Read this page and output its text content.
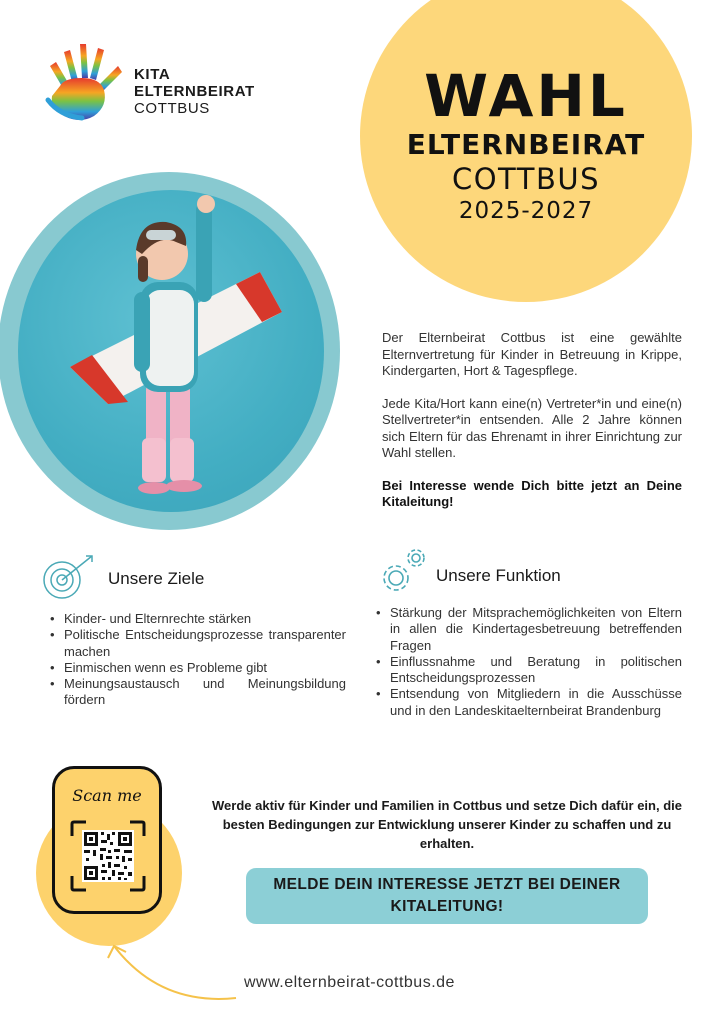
KITA
ELTERNBEIRAT
COTTBUS	WAHL
ELTERNBEIRAT
COTTBUS
2025-2027

Der Elternbeirat Cottbus ist eine gewählte Elternvertretung für Kinder in Betreuung in Krippe, Kindergarten, Hort & Tagespflege.

Jede Kita/Hort kann eine(n) Vertreter*in und eine(n) Stellvertreter*in entsenden. Alle 2 Jahre können sich Eltern für das Ehrenamt in ihrer Einrichtung zur Wahl stellen.

Bei Interesse wende Dich bitte jetzt an Deine Kitaleitung!

Unsere Ziele
• Kinder- und Elternrechte stärken
• Politische Entscheidungsprozesse transparenter machen
• Einmischen wenn es Probleme gibt
• Meinungsaustausch und Meinungsbildung fördern
Unsere Funktion
• Stärkung der Mitsprachemöglichkeiten von Eltern in allen die Kindertagesbetreuung betreffenden Fragen
• Einflussnahme und Beratung in politischen Entscheidungsprozessen
• Entsendung von Mitgliedern in die Ausschüsse und in den Landeskitaelternbeirat Brandenburg
Scan me
Werde aktiv für Kinder und Familien in Cottbus und setze Dich dafür ein, die besten Bedingungen zur Entwicklung unserer Kinder zu schaffen und zu erhalten.
MELDE DEIN INTERESSE JETZT BEI DEINER KITALEITUNG!
www.elternbeirat-cottbus.de
